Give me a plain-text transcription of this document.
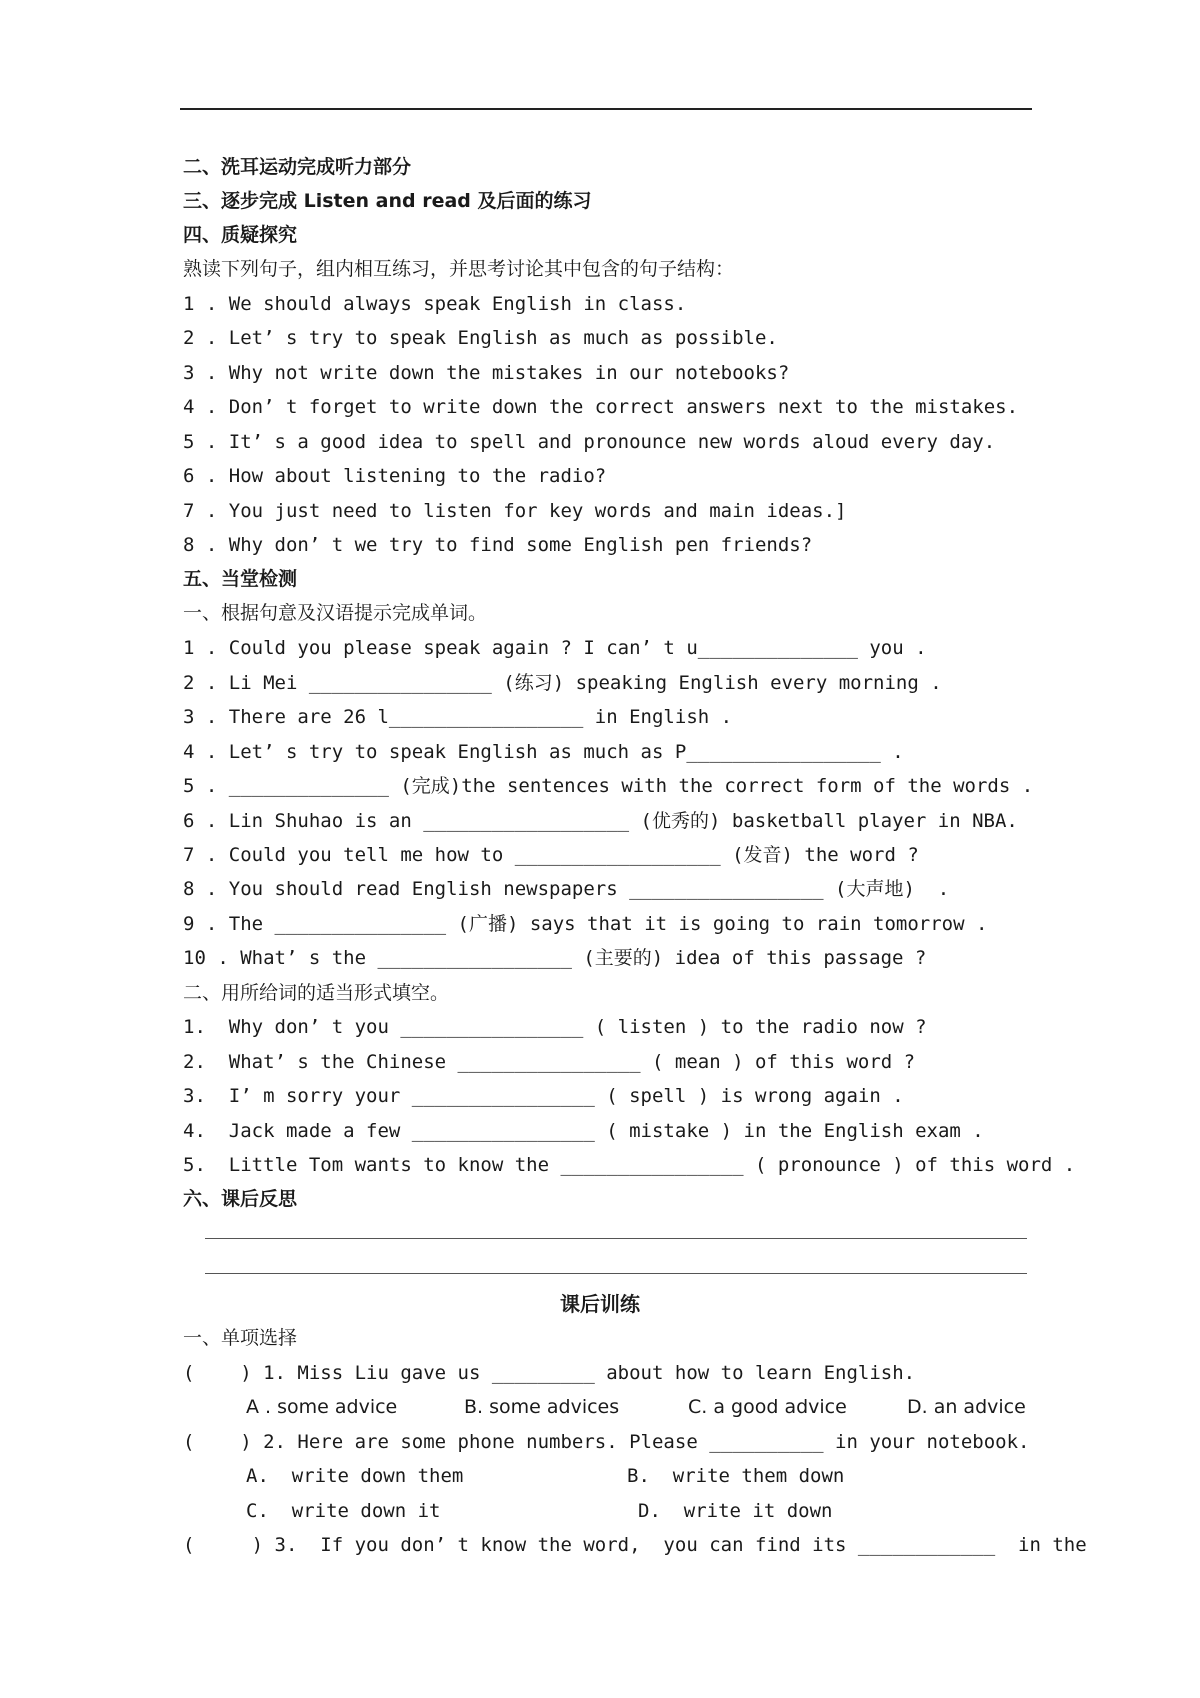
二、洗耳运动完成听力部分
三、逐步完成 Listen and read 及后面的练习
四、质疑探究
熟读下列句子，组内相互练习，并思考讨论其中包含的句子结构：
1 . We should always speak English in class.
2 . Let’ s try to speak English as much as possible.
3 . Why not write down the mistakes in our notebooks?
4 . Don’ t forget to write down the correct answers next to the mistakes.
5 . It’ s a good idea to spell and pronounce new words aloud every day.
6 . How about listening to the radio?
7 . You just need to listen for key words and main ideas.]
8 . Why don’ t we try to find some English pen friends?
五、当堂检测
一、根据句意及汉语提示完成单词。
1 . Could you please speak again ? I can’ t u______________ you .
2 . Li Mei ________________ (练习) speaking English every morning .
3 . There are 26 l_________________ in English .
4 . Let’ s try to speak English as much as P_________________ .
5 . ______________ (完成)the sentences with the correct form of the words .
6 . Lin Shuhao is an __________________ (优秀的) basketball player in NBA.
7 . Could you tell me how to __________________ (发音) the word ?
8 . You should read English newspapers _________________ (大声地)  .
9 . The _______________ (广播) says that it is going to rain tomorrow .
10 . What’ s the _________________ (主要的) idea of this passage ?
二、用所给词的适当形式填空。
1.  Why don’ t you ________________ ( listen ) to the radio now ?
2.  What’ s the Chinese ________________ ( mean ) of this word ?
3.  I’ m sorry your ________________ ( spell ) is wrong again .
4.  Jack made a few ________________ ( mistake ) in the English exam .
5.  Little Tom wants to know the ________________ ( pronounce ) of this word .
六、课后反思
课后训练
一、单项选择
(    ) 1. Miss Liu gave us _________ about how to learn English.
A . some advice	B. some advices	C. a good advice	D. an advice
(    ) 2. Here are some phone numbers. Please __________ in your notebook.
A.  write down them	B.  write them down
C.  write down it	D.  write it down
(     ) 3.  If you don’ t know the word,  you can find its ____________  in the
